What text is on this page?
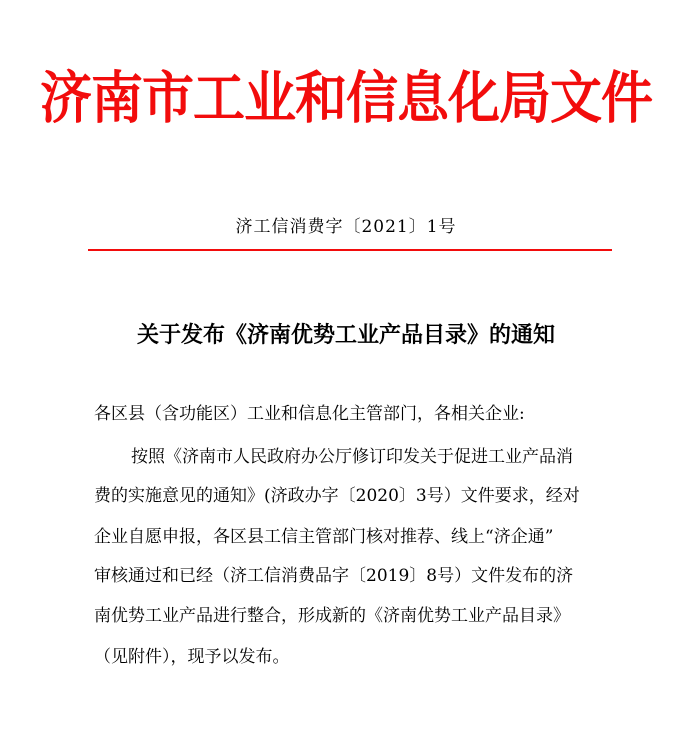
济南市工业和信息化局文件
济工信消费字〔2021〕1号
关于发布《济南优势工业产品目录》的通知
各区县（含功能区）工业和信息化主管部门，各相关企业:
按照《济南市人民政府办公厅修订印发关于促进工业产品消
费的实施意见的通知》(济政办字〔2020〕3号）文件要求，经对
企业自愿申报，各区县工信主管部门核对推荐、线上“济企通”
审核通过和已经（济工信消费品字〔2019〕8号）文件发布的济
南优势工业产品进行整合，形成新的《济南优势工业产品目录》
（见附件），现予以发布。
